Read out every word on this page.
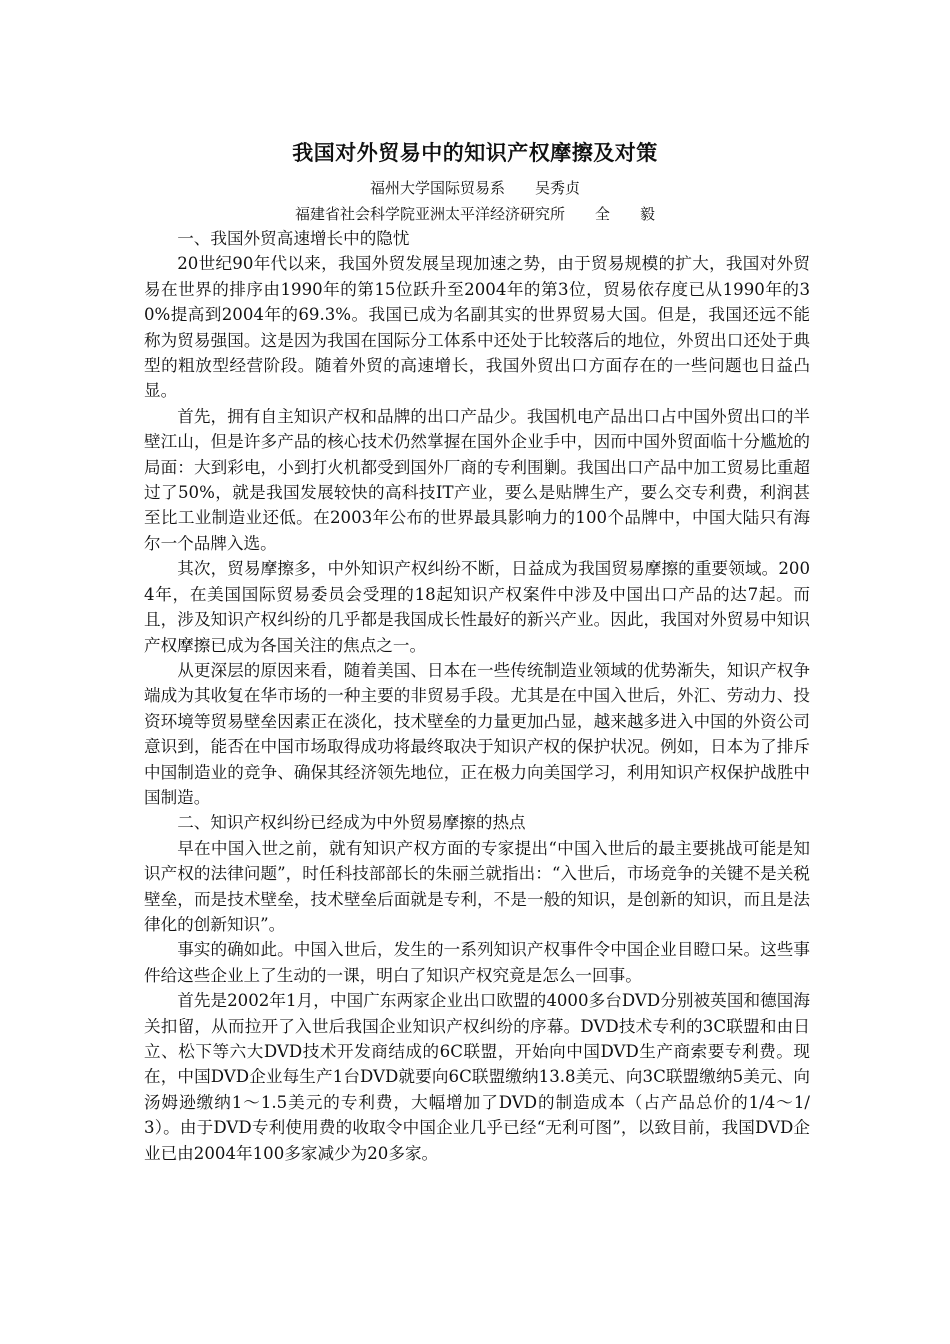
我国对外贸易中的知识产权摩擦及对策
福州大学国际贸易系　　吴秀贞
福建省社会科学院亚洲太平洋经济研究所　　全　　毅
一、我国外贸高速增长中的隐忧

20世纪90年代以来，我国外贸发展呈现加速之势，由于贸易规模的扩大，我国对外贸易在世界的排序由1990年的第15位跃升至2004年的第3位，贸易依存度已从1990年的30%提高到2004年的69.3%。我国已成为名副其实的世界贸易大国。但是，我国还远不能称为贸易强国。这是因为我国在国际分工体系中还处于比较落后的地位，外贸出口还处于典型的粗放型经营阶段。随着外贸的高速增长，我国外贸出口方面存在的一些问题也日益凸显。

首先，拥有自主知识产权和品牌的出口产品少。我国机电产品出口占中国外贸出口的半壁江山，但是许多产品的核心技术仍然掌握在国外企业手中，因而中国外贸面临十分尴尬的局面：大到彩电，小到打火机都受到国外厂商的专利围剿。我国出口产品中加工贸易比重超过了50%，就是我国发展较快的高科技IT产业，要么是贴牌生产，要么交专利费，利润甚至比工业制造业还低。在2003年公布的世界最具影响力的100个品牌中，中国大陆只有海尔一个品牌入选。

其次，贸易摩擦多，中外知识产权纠纷不断，日益成为我国贸易摩擦的重要领域。2004年，在美国国际贸易委员会受理的18起知识产权案件中涉及中国出口产品的达7起。而且，涉及知识产权纠纷的几乎都是我国成长性最好的新兴产业。因此，我国对外贸易中知识产权摩擦已成为各国关注的焦点之一。

从更深层的原因来看，随着美国、日本在一些传统制造业领域的优势渐失，知识产权争端成为其收复在华市场的一种主要的非贸易手段。尤其是在中国入世后，外汇、劳动力、投资环境等贸易壁垒因素正在淡化，技术壁垒的力量更加凸显，越来越多进入中国的外资公司意识到，能否在中国市场取得成功将最终取决于知识产权的保护状况。例如，日本为了排斥中国制造业的竞争、确保其经济领先地位，正在极力向美国学习，利用知识产权保护战胜中国制造。

二、知识产权纠纷已经成为中外贸易摩擦的热点

早在中国入世之前，就有知识产权方面的专家提出“中国入世后的最主要挑战可能是知识产权的法律问题”，时任科技部部长的朱丽兰就指出：“入世后，市场竞争的关键不是关税壁垒，而是技术壁垒，技术壁垒后面就是专利，不是一般的知识，是创新的知识，而且是法律化的创新知识”。

事实的确如此。中国入世后，发生的一系列知识产权事件令中国企业目瞪口呆。这些事件给这些企业上了生动的一课，明白了知识产权究竟是怎么一回事。

首先是2002年1月，中国广东两家企业出口欧盟的4000多台DVD分别被英国和德国海关扣留，从而拉开了入世后我国企业知识产权纠纷的序幕。DVD技术专利的3C联盟和由日立、松下等六大DVD技术开发商结成的6C联盟，开始向中国DVD生产商索要专利费。现在，中国DVD企业每生产1台DVD就要向6C联盟缴纳13.8美元、向3C联盟缴纳5美元、向汤姆逊缴纳1～1.5美元的专利费，大幅增加了DVD的制造成本（占产品总价的1/4～1/3）。由于DVD专利使用费的收取令中国企业几乎已经“无利可图”，以致目前，我国DVD企业已由2004年100多家减少为20多家。
